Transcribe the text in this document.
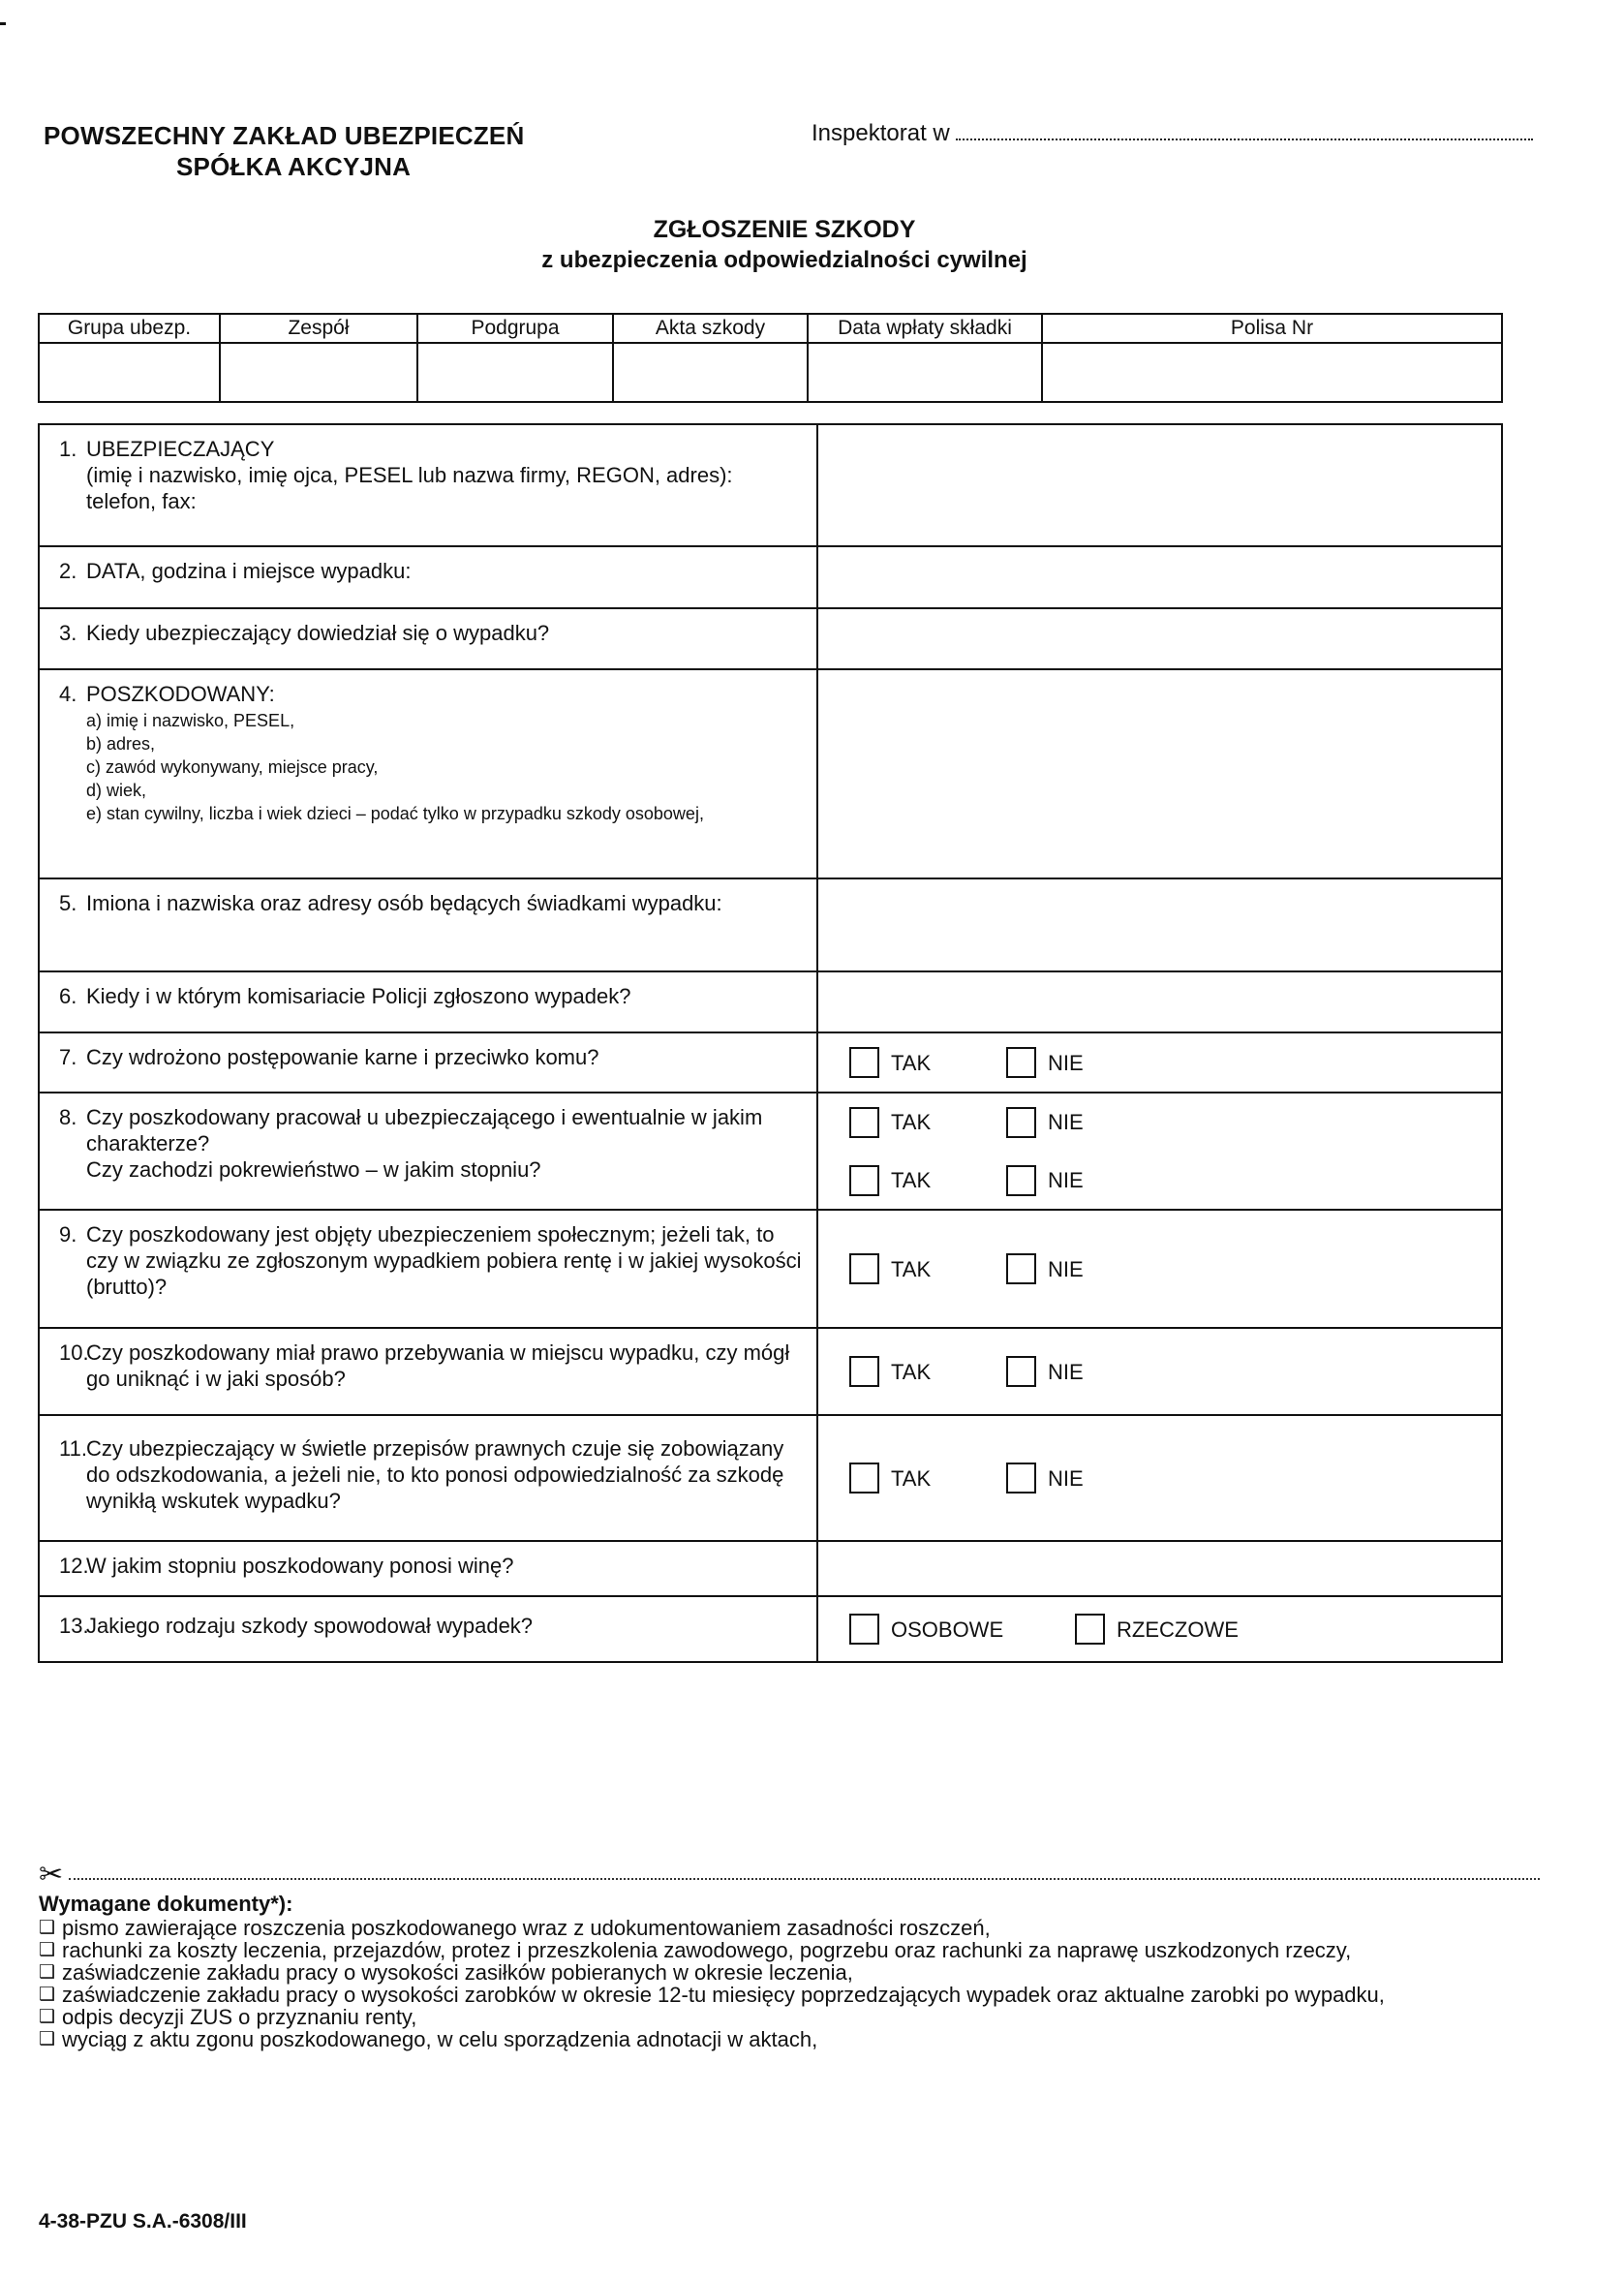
POWSZECHNY ZAKŁAD UBEZPIECZEŃ
SPÓŁKA AKCYJNA
Inspektorat w
ZGŁOSZENIE SZKODY
z ubezpieczenia odpowiedzialności cywilnej
Grupa ubezp.	Zespół	Podgrupa	Akta szkody	Data wpłaty składki	Polisa Nr

1. UBEZPIECZAJĄCY
(imię i nazwisko, imię ojca, PESEL lub nazwa firmy, REGON, adres):
telefon, fax:	

2. DATA, godzina i miejsce wypadku:	

3. Kiedy ubezpieczający dowiedział się o wypadku?	

4. POSZKODOWANY:
a) imię i nazwisko, PESEL,
b) adres,
c) zawód wykonywany, miejsce pracy,
d) wiek,
e) stan cywilny, liczba i wiek dzieci – podać tylko w przypadku szkody osobowej,

5. Imiona i nazwiska oraz adresy osób będących świadkami wypadku:	

6. Kiedy i w którym komisariacie Policji zgłoszono wypadek?	

7. Czy wdrożono postępowanie karne i przeciwko komu?	TAK	NIE

8. Czy poszkodowany pracował u ubezpieczającego i ewentualnie w jakim charakterze?
Czy zachodzi pokrewieństwo – w jakim stopniu?

TAK	NIE
TAK	NIE

9. Czy poszkodowany jest objęty ubezpieczeniem społecznym; jeżeli tak, to czy w związku ze zgłoszonym wypadkiem pobiera rentę i w jakiej wysokości (brutto)?

TAK	NIE

10.
Czy poszkodowany miał prawo przebywania w miejscu wypadku, czy mógł go uniknąć i w jaki sposób?	TAK	NIE

11. Czy ubezpieczający w świetle przepisów prawnych czuje się zobowiązany do odszkodowania, a jeżeli nie, to kto ponosi odpowiedzialność za szkodę wynikłą wskutek wypadku?

TAK	NIE

12.
W jakim stopniu poszkodowany ponosi winę?	

13.
Jakiego rodzaju szkody spowodował wypadek?	OSOBOWE	RZECZOWE
✂
Wymagane dokumenty*):
❑ pismo zawierające roszczenia poszkodowanego wraz z udokumentowaniem zasadności roszczeń,
❑ rachunki za koszty leczenia, przejazdów, protez i przeszkolenia zawodowego, pogrzebu oraz rachunki za naprawę uszkodzonych rzeczy,
❑ zaświadczenie zakładu pracy o wysokości zasiłków pobieranych w okresie leczenia,
❑ zaświadczenie zakładu pracy o wysokości zarobków w okresie 12-tu miesięcy poprzedzających wypadek oraz aktualne zarobki po wypadku,
❑ odpis decyzji ZUS o przyznaniu renty,
❑ wyciąg z aktu zgonu poszkodowanego, w celu sporządzenia adnotacji w aktach,
4-38-PZU S.A.-6308/III
